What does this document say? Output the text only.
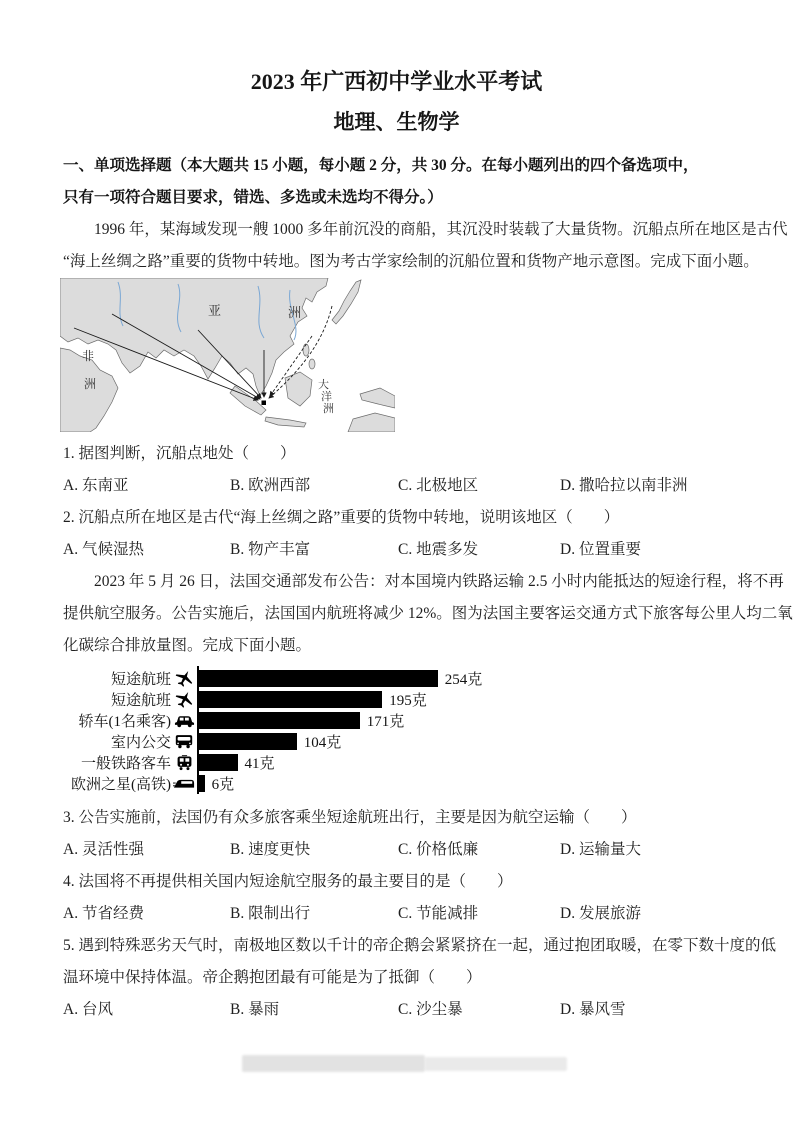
2023 年广西初中学业水平考试
地理、生物学
一、单项选择题（本大题共 15 小题，每小题 2 分，共 30 分。在每小题列出的四个备选项中，
只有一项符合题目要求，错选、多选或未选均不得分。）
1996 年，某海域发现一艘 1000 多年前沉没的商船，其沉没时装载了大量货物。沉船点所在地区是古代
“海上丝绸之路”重要的货物中转地。图为考古学家绘制的沉船位置和货物产地示意图。完成下面小题。
亚	洲
非
洲	大
洋
洲
1. 据图判断，沉船点地处（　　）
A. 东南亚	B. 欧洲西部	C. 北极地区	D. 撒哈拉以南非洲
2. 沉船点所在地区是古代“海上丝绸之路”重要的货物中转地，说明该地区（　　）
A. 气候湿热	B. 物产丰富	C. 地震多发	D. 位置重要
2023 年 5 月 26 日，法国交通部发布公告：对本国境内铁路运输 2.5 小时内能抵达的短途行程，将不再
提供航空服务。公告实施后，法国国内航班将减少 12%。图为法国主要客运交通方式下旅客每公里人均二氧
化碳综合排放量图。完成下面小题。
短途航班	254克
短途航班	195克
轿车(1名乘客)	171克
室内公交	104克
一般铁路客车	41克
欧洲之星(高铁)	6克
3. 公告实施前，法国仍有众多旅客乘坐短途航班出行，主要是因为航空运输（　　）
A. 灵活性强	B. 速度更快	C. 价格低廉	D. 运输量大
4. 法国将不再提供相关国内短途航空服务的最主要目的是（　　）
A. 节省经费	B. 限制出行	C. 节能减排	D. 发展旅游
5. 遇到特殊恶劣天气时，南极地区数以千计的帝企鹅会紧紧挤在一起，通过抱团取暖，在零下数十度的低
温环境中保持体温。帝企鹅抱团最有可能是为了抵御（　　）
A. 台风	B. 暴雨	C. 沙尘暴	D. 暴风雪
